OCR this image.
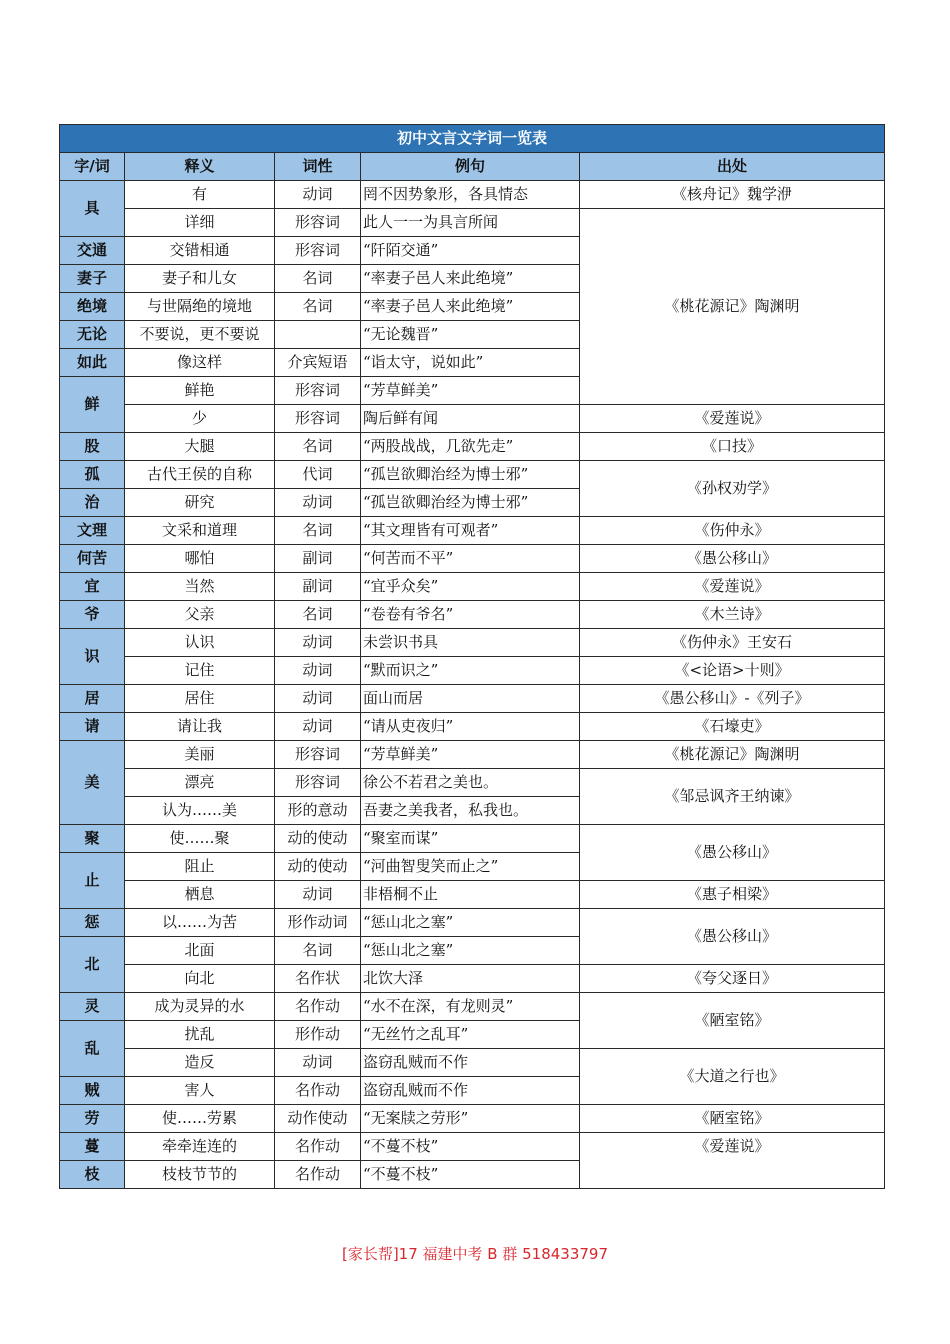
初中文言文字词一览表				
字/词	释义	词性	例句	出处
具	有	动词	罔不因势象形，各具情态	《核舟记》魏学洢
	详细	形容词	此人一一为具言所闻	《桃花源记》陶渊明
交通	交错相通	形容词	“阡陌交通”	
妻子	妻子和儿女	名词	“率妻子邑人来此绝境”	
绝境	与世隔绝的境地	名词	“率妻子邑人来此绝境”	
无论	不要说，更不要说		“无论魏晋”	
如此	像这样	介宾短语	“诣太守，说如此”	
鲜	鲜艳	形容词	“芳草鲜美”	
	少	形容词	陶后鲜有闻	《爱莲说》
股	大腿	名词	“两股战战，几欲先走”	《口技》
孤	古代王侯的自称	代词	“孤岂欲卿治经为博士邪”	《孙权劝学》
治	研究	动词	“孤岂欲卿治经为博士邪”	
文理	文采和道理	名词	“其文理皆有可观者”	《伤仲永》
何苦	哪怕	副词	“何苦而不平”	《愚公移山》
宜	当然	副词	“宜乎众矣”	《爱莲说》
爷	父亲	名词	“卷卷有爷名”	《木兰诗》
识	认识	动词	未尝识书具	《伤仲永》王安石
	记住	动词	“默而识之”	《<论语>十则》
居	居住	动词	面山而居	《愚公移山》-《列子》
请	请让我	动词	“请从吏夜归”	《石壕吏》
美	美丽	形容词	“芳草鲜美”	《桃花源记》陶渊明
	漂亮	形容词	徐公不若君之美也。	《邹忌讽齐王纳谏》
	认为……美	形的意动	吾妻之美我者，私我也。	
聚	使……聚	动的使动	“聚室而谋”	《愚公移山》
止	阻止	动的使动	“河曲智叟笑而止之”	
	栖息	动词	非梧桐不止	《惠子相梁》
惩	以……为苦	形作动词	“惩山北之塞”	《愚公移山》
北	北面	名词	“惩山北之塞”	
	向北	名作状	北饮大泽	《夸父逐日》
灵	成为灵异的水	名作动	“水不在深，有龙则灵”	《陋室铭》
乱	扰乱	形作动	“无丝竹之乱耳”	
	造反	动词	盗窃乱贼而不作	《大道之行也》
贼	害人	名作动	盗窃乱贼而不作	
劳	使……劳累	动作使动	“无案牍之劳形”	《陋室铭》
蔓	牵牵连连的	名作动	“不蔓不枝”	《爱莲说》
枝	枝枝节节的	名作动	“不蔓不枝”	
[家长帮]17 福建中考 B 群 518433797
